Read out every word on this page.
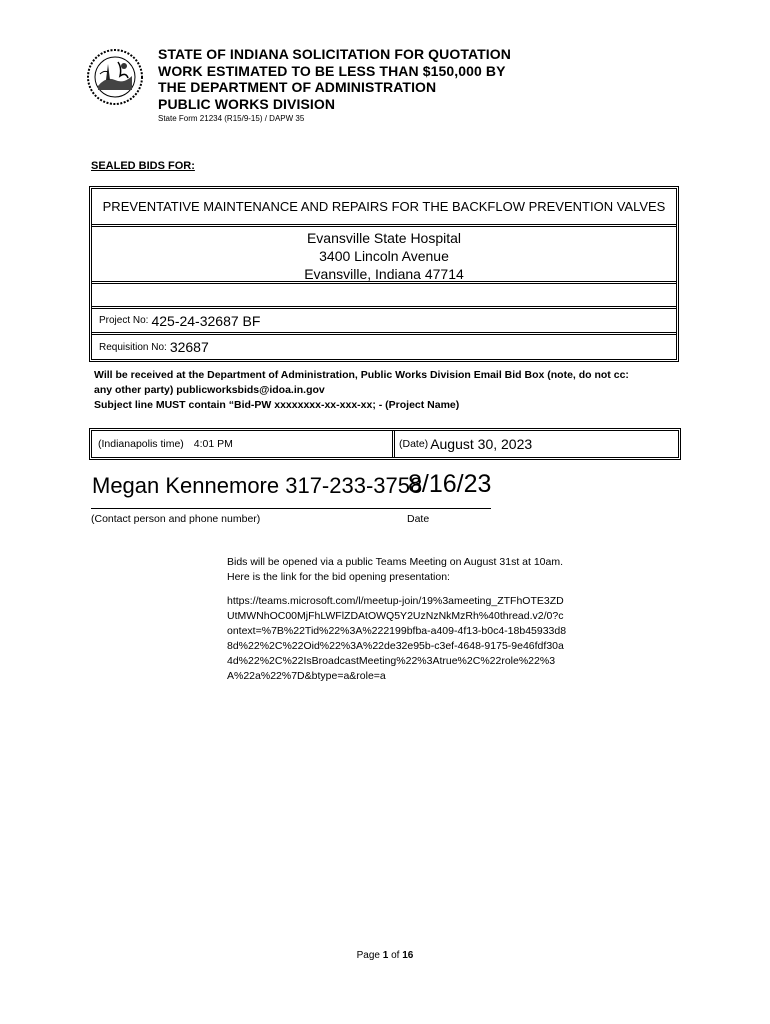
STATE OF INDIANA SOLICITATION FOR QUOTATION
WORK ESTIMATED TO BE LESS THAN $150,000 BY
THE DEPARTMENT OF ADMINISTRATION
PUBLIC WORKS DIVISION
State Form 21234 (R15/9-15) / DAPW 35
SEALED BIDS FOR:
PREVENTATIVE MAINTENANCE AND REPAIRS FOR THE BACKFLOW PREVENTION VALVES
Evansville State Hospital
3400 Lincoln Avenue
Evansville, Indiana 47714
Project No: 425-24-32687 BF
Requisition No: 32687
Will be received at the Department of Administration, Public Works Division Email Bid Box (note, do not cc:
any other party) publicworksbids@idoa.in.gov
Subject line MUST contain “Bid-PW xxxxxxxx-xx-xxx-xx; - (Project Name)
(Indianapolis time) 4:01 PM	(Date) August 30, 2023
Megan Kennemore 317-233-3758
8/16/23
(Contact person and phone number)	Date
Bids will be opened via a public Teams Meeting on August 31st at 10am. Here is the link for the bid opening presentation:
https://teams.microsoft.com/l/meetup-join/19%3ameeting_ZTFhOTE3ZDUtMWNhOC00MjFhLWFlZDAtOWQ5Y2UzNzNkMzRh%40thread.v2/0?context=%7B%22Tid%22%3A%222199bfba-a409-4f13-b0c4-18b45933d88d%22%2C%22Oid%22%3A%22de32e95b-c3ef-4648-9175-9e46fdf30a4d%22%2C%22IsBroadcastMeeting%22%3Atrue%2C%22role%22%3A%22a%22%7D&btype=a&role=a
Page 1 of 16
